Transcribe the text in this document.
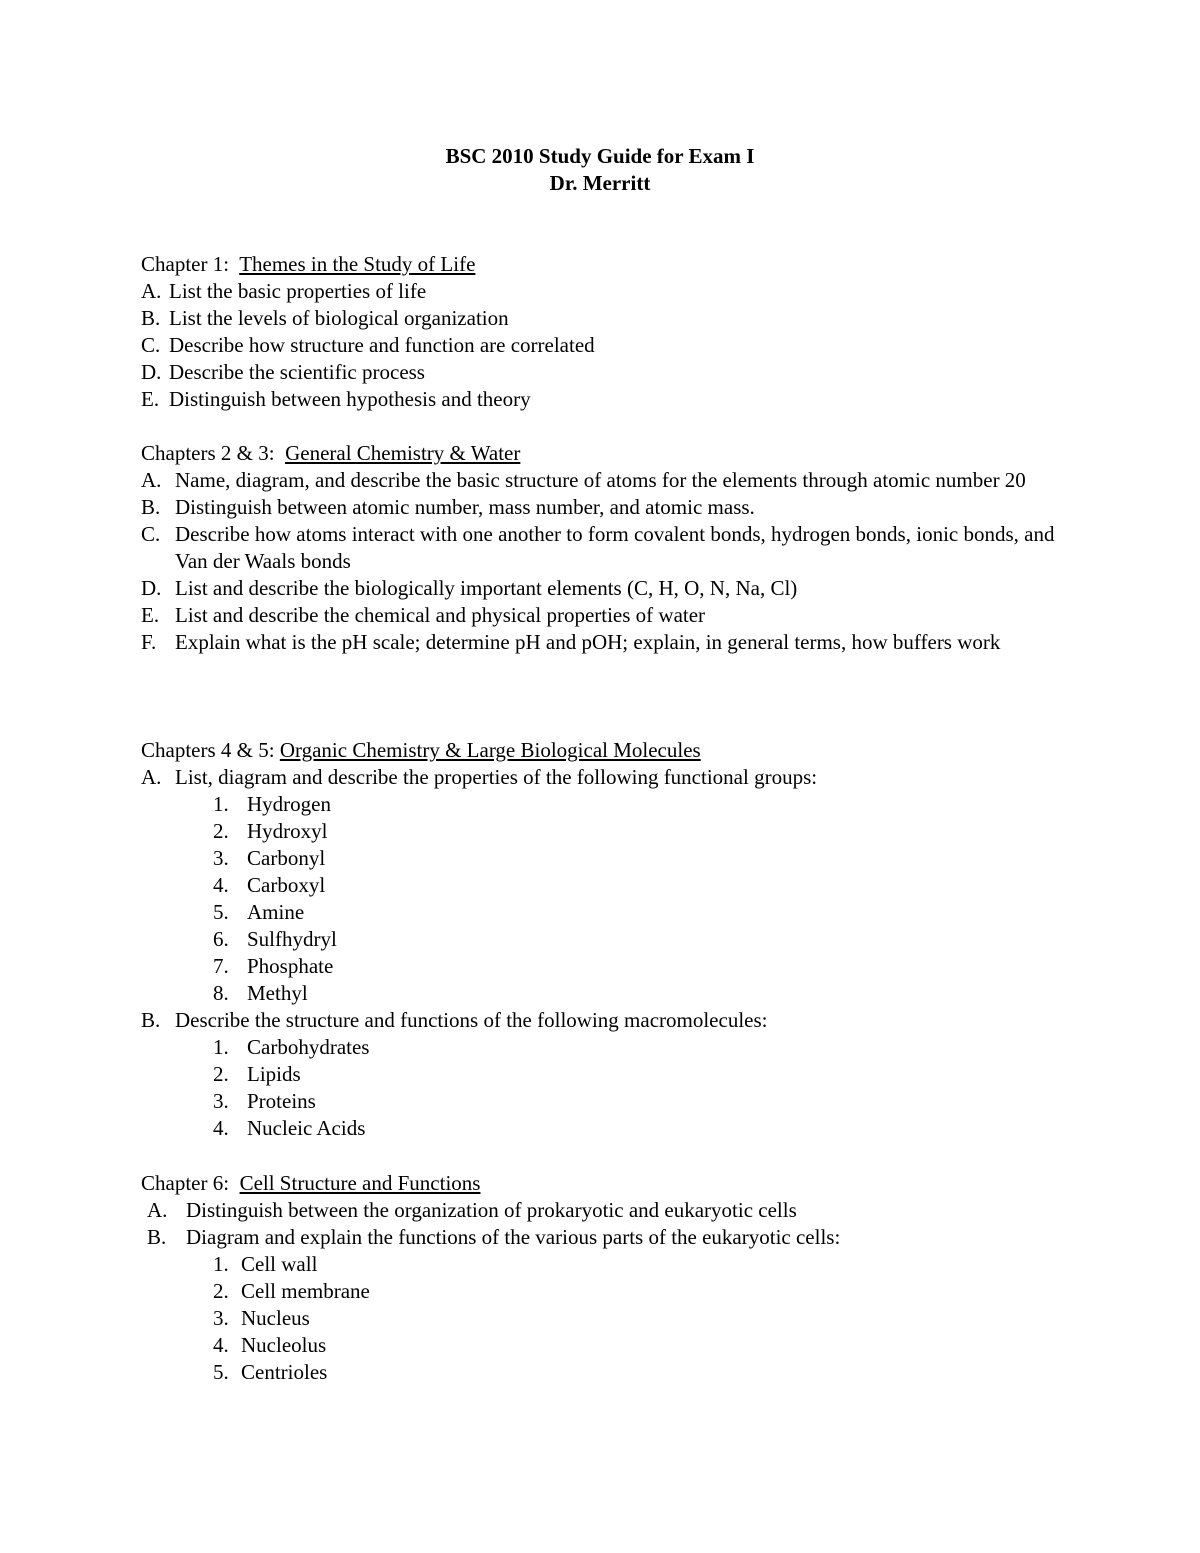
BSC 2010 Study Guide for Exam I
Dr. Merritt
Chapter 1: Themes in the Study of Life
A. List the basic properties of life
B. List the levels of biological organization
C. Describe how structure and function are correlated
D. Describe the scientific process
E. Distinguish between hypothesis and theory
Chapters 2 & 3: General Chemistry & Water
A. Name, diagram, and describe the basic structure of atoms for the elements through atomic number 20
B. Distinguish between atomic number, mass number, and atomic mass.
C. Describe how atoms interact with one another to form covalent bonds, hydrogen bonds, ionic bonds, and Van der Waals bonds
D. List and describe the biologically important elements (C, H, O, N, Na, Cl)
E. List and describe the chemical and physical properties of water
F. Explain what is the pH scale; determine pH and pOH; explain, in general terms, how buffers work
Chapters 4 & 5: Organic Chemistry & Large Biological Molecules
A. List, diagram and describe the properties of the following functional groups:
1. Hydrogen
2. Hydroxyl
3. Carbonyl
4. Carboxyl
5. Amine
6. Sulfhydryl
7. Phosphate
8. Methyl
B. Describe the structure and functions of the following macromolecules:
1. Carbohydrates
2. Lipids
3. Proteins
4. Nucleic Acids
Chapter 6: Cell Structure and Functions
A. Distinguish between the organization of prokaryotic and eukaryotic cells
B. Diagram and explain the functions of the various parts of the eukaryotic cells:
1. Cell wall
2. Cell membrane
3. Nucleus
4. Nucleolus
5. Centrioles
